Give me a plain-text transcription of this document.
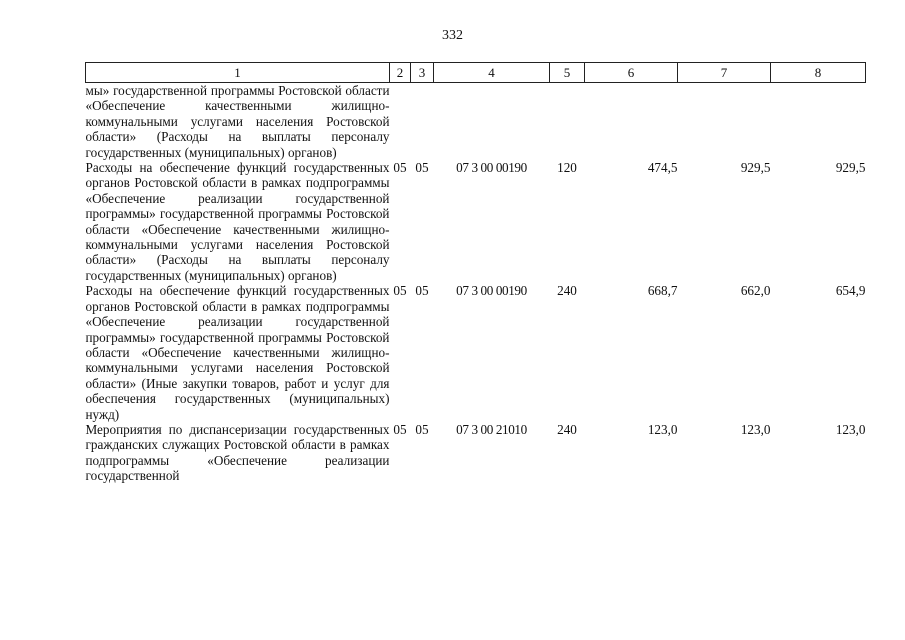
332
1	2	3	4	5	6	7	8
мы» государственной программы Ростовской области «Обеспечение качественными жилищно-коммунальными услугами населения Ростовской области» (Расходы на выплаты персоналу государственных (муниципальных) органов)							
Расходы на обеспечение функций государственных органов Ростовской области в рамках подпрограммы «Обеспечение реализации государственной программы» государственной программы Ростовской области «Обеспечение качественными жилищно-коммунальными услугами населения Ростовской области» (Расходы на выплаты персоналу государственных (муниципальных) органов)	05	05	07 3 00 00190	120	474,5	929,5	929,5
Расходы на обеспечение функций государственных органов Ростовской области в рамках подпрограммы «Обеспечение реализации государственной программы» государственной программы Ростовской области «Обеспечение качественными жилищно-коммунальными услугами населения Ростовской области» (Иные закупки товаров, работ и услуг для обеспечения государственных (муниципальных) нужд)	05	05	07 3 00 00190	240	668,7	662,0	654,9
Мероприятия по диспансеризации государственных гражданских служащих Ростовской области в рамках подпрограммы «Обеспечение реализации государственной	05	05	07 3 00 21010	240	123,0	123,0	123,0
